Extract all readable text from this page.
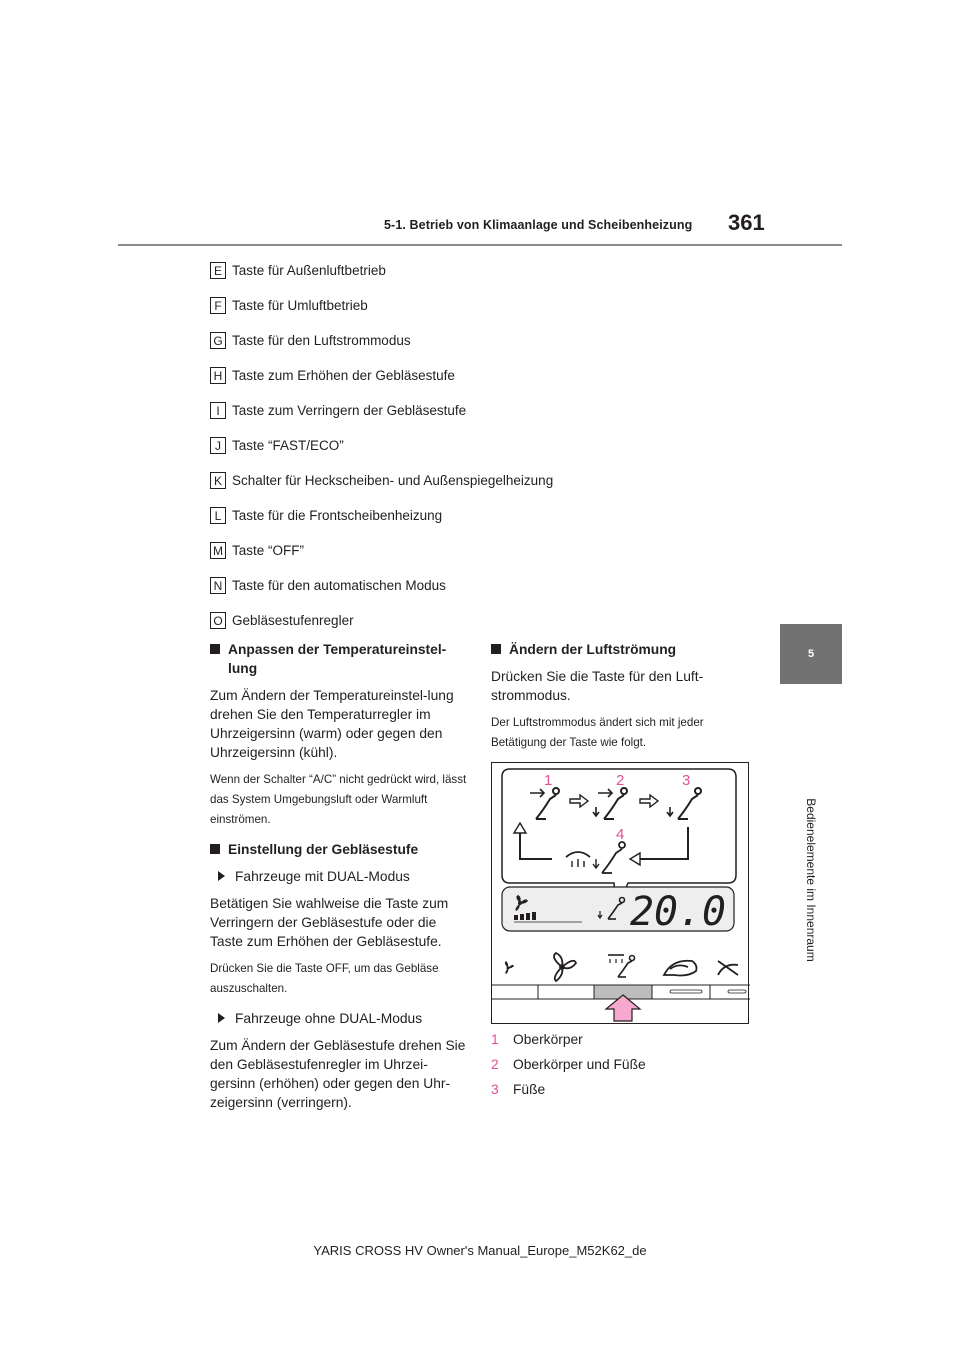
5-1. Betrieb von Klimaanlage und Scheibenheizung 361
5
Bedienelemente im Innenraum
E Taste für Außenluftbetrieb
F Taste für Umluftbetrieb
G Taste für den Luftstrommodus
H Taste zum Erhöhen der Gebläsestufe
I Taste zum Verringern der Gebläsestufe
J Taste “FAST/ECO”
K Schalter für Heckscheiben- und Außenspiegelheizung
L Taste für die Frontscheibenheizung
M Taste “OFF”
N Taste für den automatischen Modus
O Gebläsestufenregler
Anpassen der Temperatureinstel-lung

Zum Ändern der Temperatureinstel-lung drehen Sie den Temperaturregler im Uhrzeigersinn (warm) oder gegen den Uhrzeigersinn (kühl).

Wenn der Schalter “A/C” nicht gedrückt wird, lässt das System Umgebungsluft oder Warmluft einströmen.

Einstellung der Gebläsestufe
Fahrzeuge mit DUAL-Modus

Betätigen Sie wahlweise die Taste zum Verringern der Gebläsestufe oder die Taste zum Erhöhen der Gebläsestufe.

Drücken Sie die Taste OFF, um das Gebläse auszuschalten.

Fahrzeuge ohne DUAL-Modus

Zum Ändern der Gebläsestufe drehen Sie den Gebläsestufenregler im Uhrzei-gersinn (erhöhen) oder gegen den Uhr-zeigersinn (verringern).

Ändern der Luftströmung

Drücken Sie die Taste für den Luft-strommodus.

Der Luftstrommodus ändert sich mit jeder Betätigung der Taste wie folgt.

1	2	3
4
20.0
1	Oberkörper
2	Oberkörper und Füße
3	Füße
YARIS CROSS HV Owner's Manual_Europe_M52K62_de
